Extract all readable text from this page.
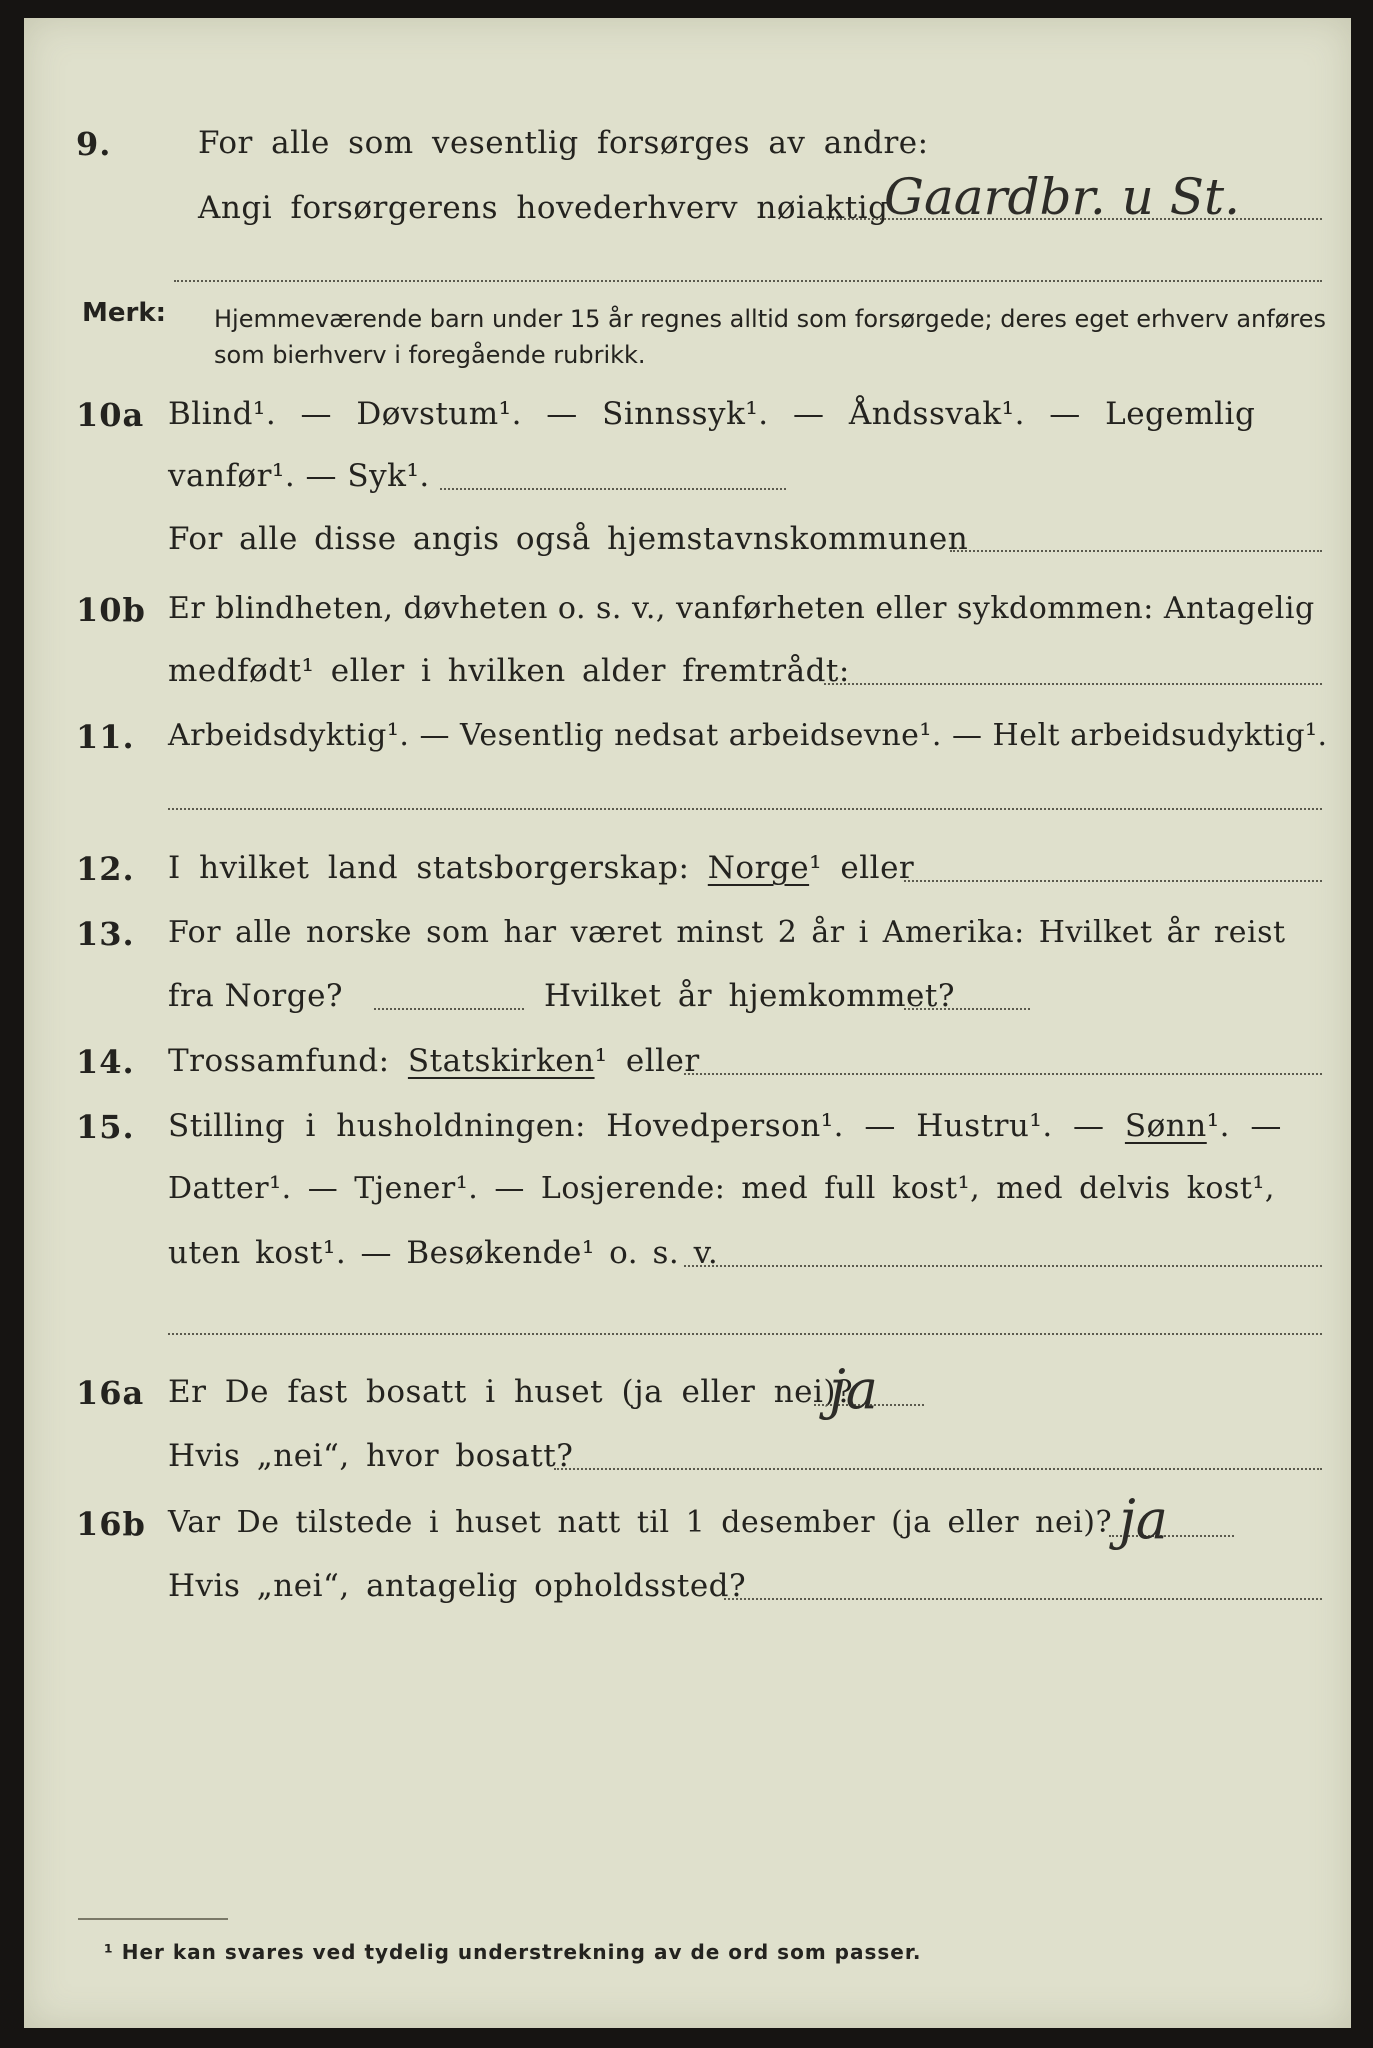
9.	For alle som vesentlig forsørges av andre:
Angi forsørgerens hovederhverv nøiaktig
Gaardbr. u St.
Merk: Hjemmeværende barn under 15 år regnes alltid som forsørgede; deres eget erhverv anføres som bierhverv i foregående rubrikk.
10a Blind¹. — Døvstum¹. — Sinnssyk¹. — Åndssvak¹. — Legemlig
vanfør¹. — Syk¹.
For alle disse angis også hjemstavnskommunen
10b Er blindheten, døvheten o. s. v., vanførheten eller sykdommen: Antagelig
medfødt¹ eller i hvilken alder fremtrådt:
11. Arbeidsdyktig¹. — Vesentlig nedsat arbeidsevne¹. — Helt arbeidsudyktig¹.
12. I hvilket land statsborgerskap: Norge¹ eller
13. For alle norske som har været minst 2 år i Amerika: Hvilket år reist
fra Norge?	Hvilket år hjemkommet?
14. Trossamfund: Statskirken¹ eller
15. Stilling i husholdningen: Hovedperson¹. — Hustru¹. — Sønn¹. —
Datter¹. — Tjener¹. — Losjerende: med full kost¹, med delvis kost¹,
uten kost¹. — Besøkende¹ o. s. v.
16a Er De fast bosatt i huset (ja eller nei)?
ja
Hvis „nei“, hvor bosatt?
16b Var De tilstede i huset natt til 1 desember (ja eller nei)? ja
Hvis „nei“, antagelig opholdssted?
¹ Her kan svares ved tydelig understrekning av de ord som passer.
